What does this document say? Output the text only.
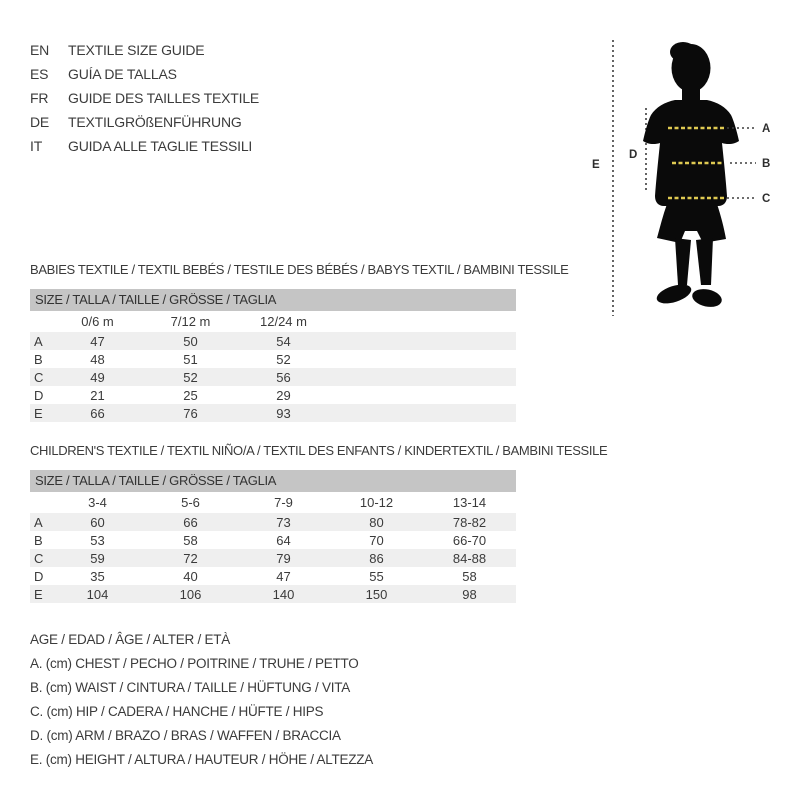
EN	TEXTILE SIZE GUIDE
ES	GUÍA DE TALLAS
FR	GUIDE DES TAILLES TEXTILE
DE	TEXTILGRÖßENFÜHRUNG
IT	GUIDA ALLE TAGLIE TESSILI
A
B
C
D
E
BABIES TEXTILE / TEXTIL BEBÉS / TESTILE DES BÉBÉS / BABYS TEXTIL / BAMBINI TESSILE
SIZE / TALLA / TAILLE / GRÖSSE / TAGLIA
	0/6 m	7/12 m	12/24 m		
A	47	50	54		
B	48	51	52		
C	49	52	56		
D	21	25	29		
E	66	76	93		
CHILDREN'S TEXTILE / TEXTIL NIÑO/A / TEXTIL DES ENFANTS / KINDERTEXTIL / BAMBINI TESSILE
SIZE / TALLA / TAILLE / GRÖSSE / TAGLIA
	3-4	5-6	7-9	10-12	13-14
A	60	66	73	80	78-82
B	53	58	64	70	66-70
C	59	72	79	86	84-88
D	35	40	47	55	58
E	104	106	140	150	98
AGE / EDAD / ÂGE / ALTER / ETÀ
A. (cm) CHEST / PECHO / POITRINE / TRUHE / PETTO
B. (cm) WAIST / CINTURA / TAILLE / HÜFTUNG / VITA
C. (cm) HIP / CADERA / HANCHE / HÜFTE / HIPS
D. (cm) ARM / BRAZO / BRAS / WAFFEN / BRACCIA
E. (cm) HEIGHT / ALTURA / HAUTEUR / HÖHE / ALTEZZA
